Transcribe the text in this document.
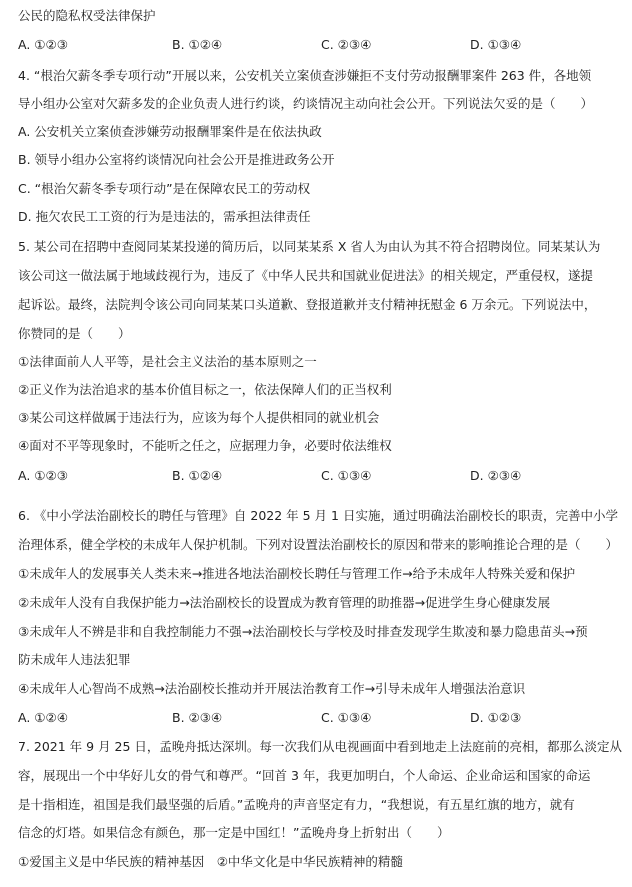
公民的隐私权受法律保护
A. ①②③	B. ①②④	C. ②③④	D. ①③④
4. “根治欠薪冬季专项行动”开展以来，公安机关立案侦查涉嫌拒不支付劳动报酬罪案件 263 件，各地领
导小组办公室对欠薪多发的企业负责人进行约谈，约谈情况主动向社会公开。下列说法欠妥的是（　　）
A. 公安机关立案侦查涉嫌劳动报酬罪案件是在依法执政
B. 领导小组办公室将约谈情况向社会公开是推进政务公开
C. “根治欠薪冬季专项行动”是在保障农民工的劳动权
D. 拖欠农民工工资的行为是违法的，需承担法律责任
5. 某公司在招聘中查阅同某某投递的简历后，以同某某系 X 省人为由认为其不符合招聘岗位。同某某认为
该公司这一做法属于地域歧视行为，违反了《中华人民共和国就业促进法》的相关规定，严重侵权，遂提
起诉讼。最终，法院判令该公司向同某某口头道歉、登报道歉并支付精神抚慰金 6 万余元。下列说法中，
你赞同的是（　　）
①法律面前人人平等，是社会主义法治的基本原则之一
②正义作为法治追求的基本价值目标之一，依法保障人们的正当权利
③某公司这样做属于违法行为，应该为每个人提供相同的就业机会
④面对不平等现象时，不能听之任之，应据理力争，必要时依法维权
A. ①②③	B. ①②④	C. ①③④	D. ②③④
6. 《中小学法治副校长的聘任与管理》自 2022 年 5 月 1 日实施，通过明确法治副校长的职责，完善中小学
治理体系，健全学校的未成年人保护机制。下列对设置法治副校长的原因和带来的影响推论合理的是（　　）
①未成年人的发展事关人类未来→推进各地法治副校长聘任与管理工作→给予未成年人特殊关爱和保护
②未成年人没有自我保护能力→法治副校长的设置成为教育管理的助推器→促进学生身心健康发展
③未成年人不辨是非和自我控制能力不强→法治副校长与学校及时排查发现学生欺凌和暴力隐患苗头→预
防未成年人违法犯罪
④未成年人心智尚不成熟→法治副校长推动并开展法治教育工作→引导未成年人增强法治意识
A. ①②④	B. ②③④	C. ①③④	D. ①②③
7. 2021 年 9 月 25 日，孟晚舟抵达深圳。每一次我们从电视画面中看到地走上法庭前的亮相，都那么淡定从
容，展现出一个中华好儿女的骨气和尊严。“回首 3 年，我更加明白，个人命运、企业命运和国家的命运
是十指相连，祖国是我们最坚强的后盾。”孟晚舟的声音坚定有力，“我想说，有五星红旗的地方，就有
信念的灯塔。如果信念有颜色，那一定是中国红！”孟晚舟身上折射出（　　）
①爱国主义是中华民族的精神基因　②中华文化是中华民族精神的精髓
